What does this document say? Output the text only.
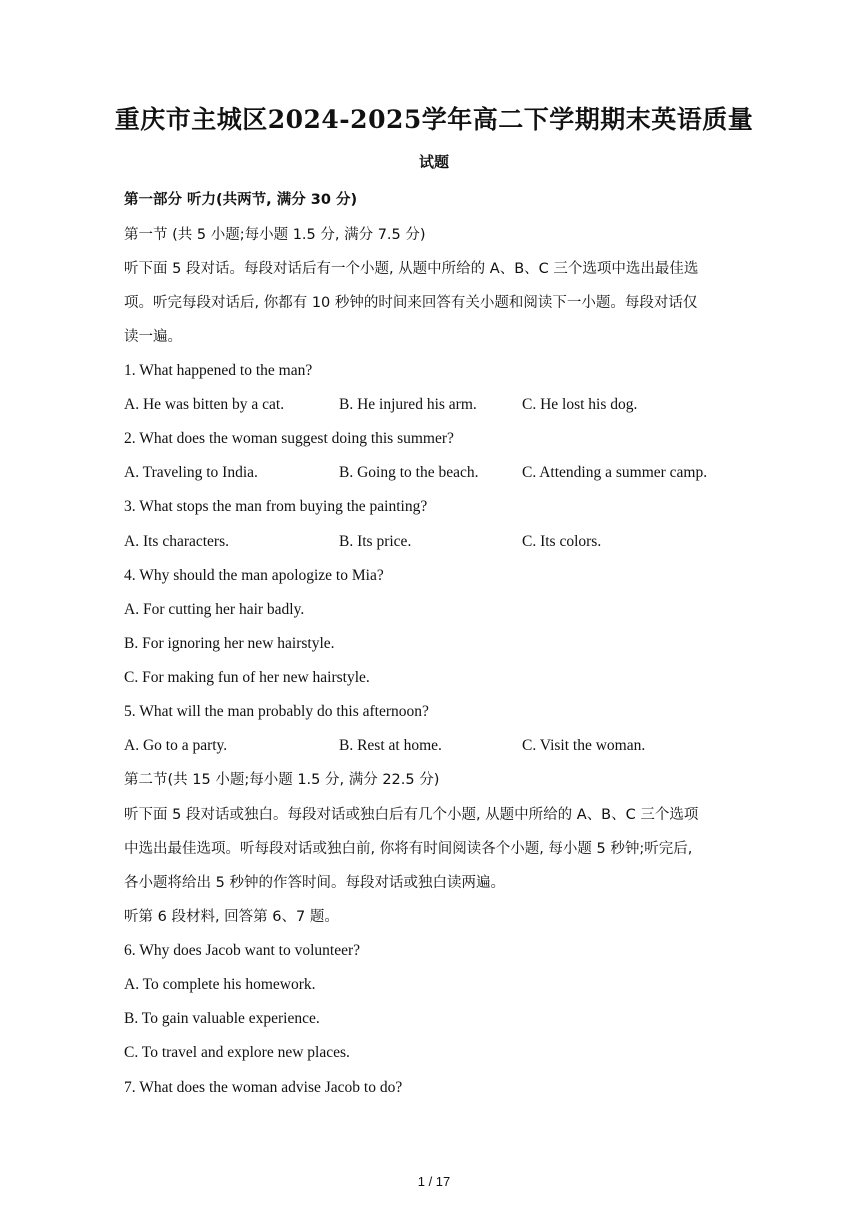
重庆市主城区2024-2025学年高二下学期期末英语质量
试题
第一部分 听力(共两节, 满分 30 分)
第一节 (共 5 小题;每小题 1.5 分, 满分 7.5 分)
听下面 5 段对话。每段对话后有一个小题, 从题中所给的 A、B、C 三个选项中选出最佳选
项。听完每段对话后, 你都有 10 秒钟的时间来回答有关小题和阅读下一小题。每段对话仅
读一遍。
1. What happened to the man?
A. He was bitten by a cat.	B. He injured his arm.	C. He lost his dog.
2. What does the woman suggest doing this summer?
A. Traveling to India.	B. Going to the beach.	C. Attending a summer camp.
3. What stops the man from buying the painting?
A. Its characters.	B. Its price.	C. Its colors.
4. Why should the man apologize to Mia?
A. For cutting her hair badly.
B. For ignoring her new hairstyle.
C. For making fun of her new hairstyle.
5. What will the man probably do this afternoon?
A. Go to a party.	B. Rest at home.	C. Visit the woman.
第二节(共 15 小题;每小题 1.5 分, 满分 22.5 分)
听下面 5 段对话或独白。每段对话或独白后有几个小题, 从题中所给的 A、B、C 三个选项
中选出最佳选项。听每段对话或独白前, 你将有时间阅读各个小题, 每小题 5 秒钟;听完后,
各小题将给出 5 秒钟的作答时间。每段对话或独白读两遍。
听第 6 段材料, 回答第 6、7 题。
6. Why does Jacob want to volunteer?
A. To complete his homework.
B. To gain valuable experience.
C. To travel and explore new places.
7. What does the woman advise Jacob to do?
1 / 17
